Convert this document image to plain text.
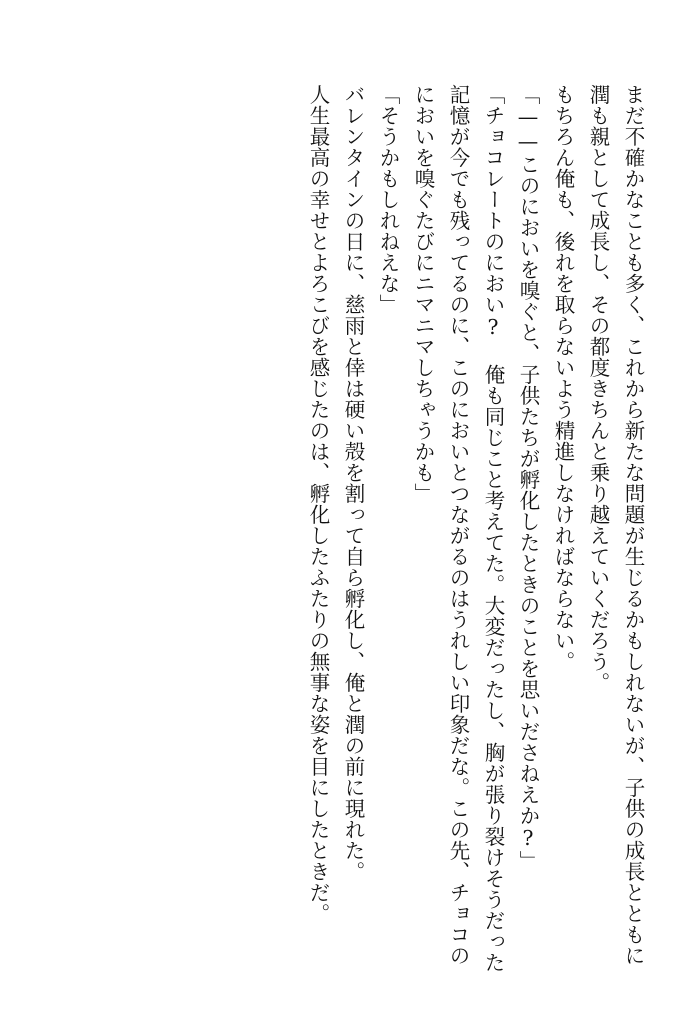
まだ不確かなことも多く、これから新たな問題が生じるかもしれないが、子供の成長とともに潤も親として成長し、その都度きちんと乗り越えていくだろう。

もちろん俺も、後れを取らないよう精進しなければならない。

「——このにおいを嗅ぐと、子供たちが孵化したときのことを思いださねえか?」

「チョコレートのにおい? 俺も同じこと考えてた。大変だったし、胸が張り裂けそうだった記憶が今でも残ってるのに、このにおいとつながるのはうれしい印象だな。この先、チョコのにおいを嗅ぐたびにニマニマしちゃうかも」

「そうかもしれねえな」

バレンタインの日に、慈雨と倖は硬い殻を割って自ら孵化し、俺と潤の前に現れた。

人生最高の幸せとよろこびを感じたのは、孵化したふたりの無事な姿を目にしたときだ。
